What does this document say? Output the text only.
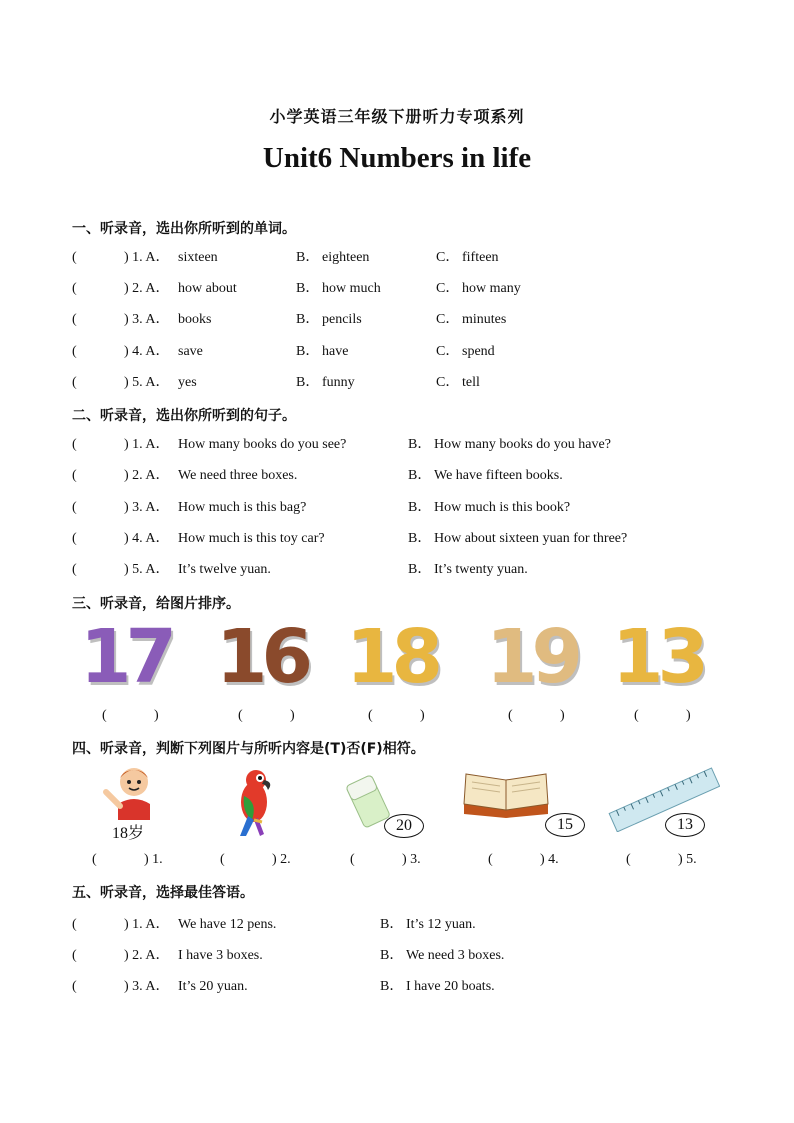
小学英语三年级下册听力专项系列
Unit6 Numbers in life
一、听录音，选出你所听到的单词。
(	) 1. A． sixteen	B． eighteen	C． fifteen
(	) 2. A． how about	B． how much	C． how many
(	) 3. A． books	B． pencils	C． minutes
(	) 4. A． save	B． have	C． spend
(	) 5. A． yes	B． funny	C． tell
二、听录音，选出你所听到的句子。
(	) 1. A． How many books do you see?	B． How many books do you have?
(	) 2. A． We need three boxes.	B． We have fifteen books.
(	) 3. A． How much is this bag?	B． How much is this book?
(	) 4. A． How much is this toy car?	B． How about sixteen yuan for three?
(	) 5. A． It’s twelve yuan.	B． It’s twenty yuan.
三、听录音，给图片排序。
17
(	)
16
(	)
18
(	)
19
(	)
13
(	)
四、听录音，判断下列图片与所听内容是(T)否(F)相符。
18岁	20	15	13
(	) 1.	(	) 2.	(	) 3.	(	) 4.	(	) 5.
五、听录音，选择最佳答语。
(	) 1. A． We have 12 pens.	B． It’s 12 yuan.
(	) 2. A． I have 3 boxes.	B． We need 3 boxes.
(	) 3. A． It’s 20 yuan.	B． I have 20 boats.
